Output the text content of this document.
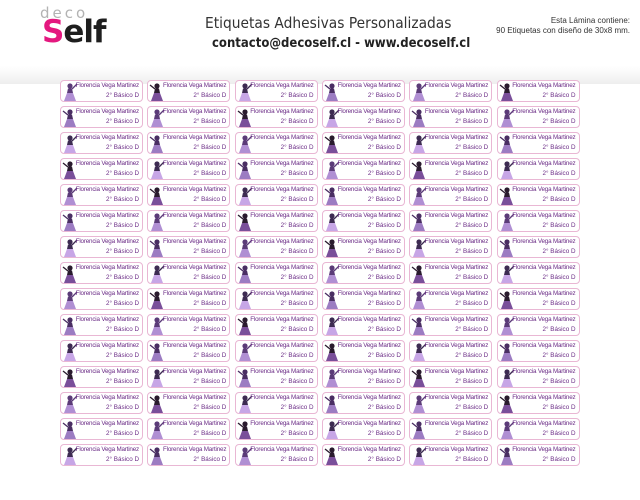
deco
Self	Etiquetas Adhesivas Personalizadas
contacto@decoself.cl - www.decoself.cl
Esta Lámina contiene:
90 Etiquetas con diseño de 30x8 mm.
Florencia Vega Martinez
2° Básico D
Florencia Vega Martinez
2° Básico D
Florencia Vega Martinez
2° Básico D
Florencia Vega Martinez
2° Básico D
Florencia Vega Martinez
2° Básico D
Florencia Vega Martinez
2° Básico D
Florencia Vega Martinez
2° Básico D
Florencia Vega Martinez
2° Básico D
Florencia Vega Martinez
2° Básico D
Florencia Vega Martinez
2° Básico D
Florencia Vega Martinez
2° Básico D
Florencia Vega Martinez
2° Básico D
Florencia Vega Martinez
2° Básico D
Florencia Vega Martinez
2° Básico D
Florencia Vega Martinez
2° Básico D
Florencia Vega Martinez
2° Básico D
Florencia Vega Martinez
2° Básico D
Florencia Vega Martinez
2° Básico D
Florencia Vega Martinez
2° Básico D
Florencia Vega Martinez
2° Básico D
Florencia Vega Martinez
2° Básico D
Florencia Vega Martinez
2° Básico D
Florencia Vega Martinez
2° Básico D
Florencia Vega Martinez
2° Básico D
Florencia Vega Martinez
2° Básico D
Florencia Vega Martinez
2° Básico D
Florencia Vega Martinez
2° Básico D
Florencia Vega Martinez
2° Básico D
Florencia Vega Martinez
2° Básico D
Florencia Vega Martinez
2° Básico D
Florencia Vega Martinez
2° Básico D
Florencia Vega Martinez
2° Básico D
Florencia Vega Martinez
2° Básico D
Florencia Vega Martinez
2° Básico D
Florencia Vega Martinez
2° Básico D
Florencia Vega Martinez
2° Básico D
Florencia Vega Martinez
2° Básico D
Florencia Vega Martinez
2° Básico D
Florencia Vega Martinez
2° Básico D
Florencia Vega Martinez
2° Básico D
Florencia Vega Martinez
2° Básico D
Florencia Vega Martinez
2° Básico D
Florencia Vega Martinez
2° Básico D
Florencia Vega Martinez
2° Básico D
Florencia Vega Martinez
2° Básico D
Florencia Vega Martinez
2° Básico D
Florencia Vega Martinez
2° Básico D
Florencia Vega Martinez
2° Básico D
Florencia Vega Martinez
2° Básico D
Florencia Vega Martinez
2° Básico D
Florencia Vega Martinez
2° Básico D
Florencia Vega Martinez
2° Básico D
Florencia Vega Martinez
2° Básico D
Florencia Vega Martinez
2° Básico D
Florencia Vega Martinez
2° Básico D
Florencia Vega Martinez
2° Básico D
Florencia Vega Martinez
2° Básico D
Florencia Vega Martinez
2° Básico D
Florencia Vega Martinez
2° Básico D
Florencia Vega Martinez
2° Básico D
Florencia Vega Martinez
2° Básico D
Florencia Vega Martinez
2° Básico D
Florencia Vega Martinez
2° Básico D
Florencia Vega Martinez
2° Básico D
Florencia Vega Martinez
2° Básico D
Florencia Vega Martinez
2° Básico D
Florencia Vega Martinez
2° Básico D
Florencia Vega Martinez
2° Básico D
Florencia Vega Martinez
2° Básico D
Florencia Vega Martinez
2° Básico D
Florencia Vega Martinez
2° Básico D
Florencia Vega Martinez
2° Básico D
Florencia Vega Martinez
2° Básico D
Florencia Vega Martinez
2° Básico D
Florencia Vega Martinez
2° Básico D
Florencia Vega Martinez
2° Básico D
Florencia Vega Martinez
2° Básico D
Florencia Vega Martinez
2° Básico D
Florencia Vega Martinez
2° Básico D
Florencia Vega Martinez
2° Básico D
Florencia Vega Martinez
2° Básico D
Florencia Vega Martinez
2° Básico D
Florencia Vega Martinez
2° Básico D
Florencia Vega Martinez
2° Básico D
Florencia Vega Martinez
2° Básico D
Florencia Vega Martinez
2° Básico D
Florencia Vega Martinez
2° Básico D
Florencia Vega Martinez
2° Básico D
Florencia Vega Martinez
2° Básico D
Florencia Vega Martinez
2° Básico D
